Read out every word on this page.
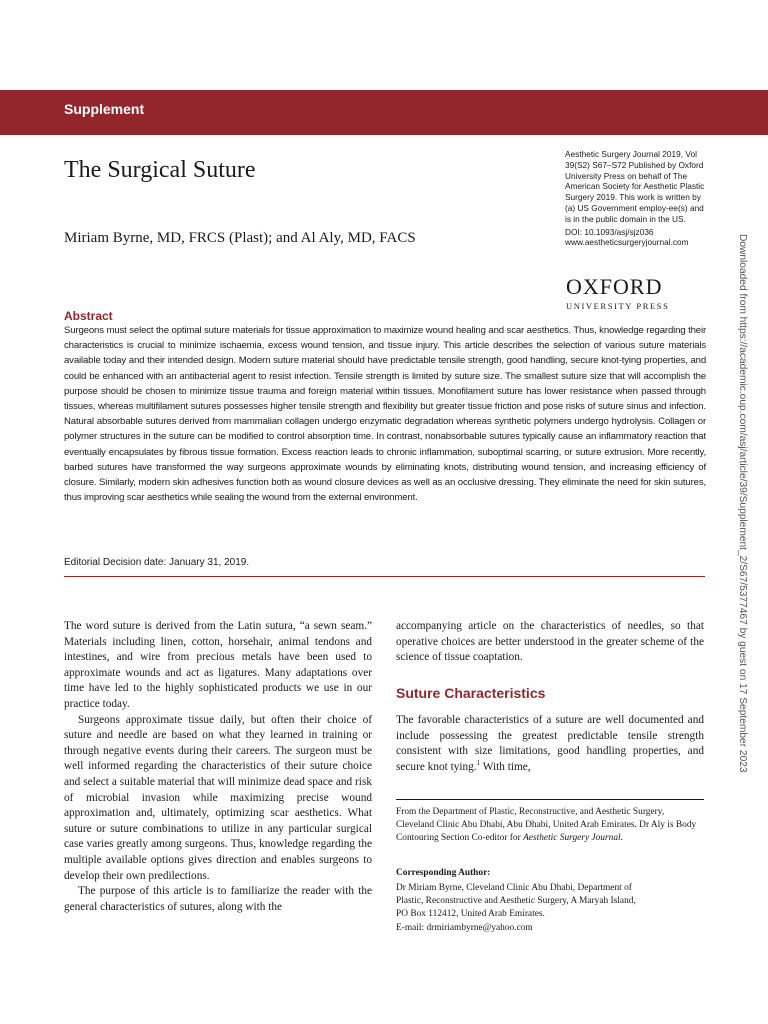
Supplement
The Surgical Suture
Miriam Byrne, MD, FRCS (Plast); and Al Aly, MD, FACS
Aesthetic Surgery Journal 2019, Vol 39(S2) S67–S72 Published by Oxford University Press on behalf of The American Society for Aesthetic Plastic Surgery 2019. This work is written by (a) US Government employ-ee(s) and is in the public domain in the US.
DOI: 10.1093/asj/sjz036
www.aestheticsurgeryjournal.com
OXFORD
UNIVERSITY PRESS
Abstract
Surgeons must select the optimal suture materials for tissue approximation to maximize wound healing and scar aesthetics. Thus, knowledge regarding their characteristics is crucial to minimize ischaemia, excess wound tension, and tissue injury. This article describes the selection of various suture materials available today and their intended design. Modern suture material should have predictable tensile strength, good handling, secure knot-tying properties, and could be enhanced with an antibacterial agent to resist infection. Tensile strength is limited by suture size. The smallest suture size that will accomplish the purpose should be chosen to minimize tissue trauma and foreign material within tissues. Monofilament suture has lower resistance when passed through tissues, whereas multifilament sutures possesses higher tensile strength and flexibility but greater tissue friction and pose risks of suture sinus and infection. Natural absorbable sutures derived from mammalian collagen undergo enzymatic degradation whereas synthetic polymers undergo hydrolysis. Collagen or polymer structures in the suture can be modified to control absorption time. In contrast, nonabsorbable sutures typically cause an inflammatory reaction that eventually encapsulates by fibrous tissue formation. Excess reaction leads to chronic inflammation, suboptimal scarring, or suture extrusion. More recently, barbed sutures have transformed the way surgeons approximate wounds by eliminating knots, distributing wound tension, and increasing efficiency of closure. Similarly, modern skin adhesives function both as wound closure devices as well as an occlusive dressing. They eliminate the need for skin sutures, thus improving scar aesthetics while sealing the wound from the external environment.
Editorial Decision date: January 31, 2019.

The word suture is derived from the Latin sutura, “a sewn seam.” Materials including linen, cotton, horsehair, animal tendons and intestines, and wire from precious metals have been used to approximate wounds and act as ligatures. Many adaptations over time have led to the highly sophisticated products we use in our practice today.

Surgeons approximate tissue daily, but often their choice of suture and needle are based on what they learned in training or through negative events during their careers. The surgeon must be well informed regarding the characteristics of their suture choice and select a suitable material that will minimize dead space and risk of microbial invasion while maximizing precise wound approximation and, ultimately, optimizing scar aesthetics. What suture or suture combinations to utilize in any particular surgical case varies greatly among surgeons. Thus, knowledge regarding the multiple available options gives direction and enables surgeons to develop their own predilections.

The purpose of this article is to familiarize the reader with the general characteristics of sutures, along with the

accompanying article on the characteristics of needles, so that operative choices are better understood in the greater scheme of the science of tissue coaptation.

Suture Characteristics

The favorable characteristics of a suture are well documented and include possessing the greatest predictable tensile strength consistent with size limitations, good handling properties, and secure knot tying.$^1$ With time,

From the Department of Plastic, Reconstructive, and Aesthetic Surgery, Cleveland Clinic Abu Dhabi, Abu Dhabi, United Arab Emirates. Dr Aly is Body Contouring Section Co-editor for Aesthetic Surgery Journal.
Corresponding Author:
Dr Miriam Byrne, Cleveland Clinic Abu Dhabi, Department of
Plastic, Reconstructive and Aesthetic Surgery, A Maryah Island,
PO Box 112412, United Arab Emirates.
E-mail: drmiriambyrne@yahoo.com
Downloaded from https://academic.oup.com/asj/article/39/Supplement_2/S67/5377467 by guest on 17 September 2023
